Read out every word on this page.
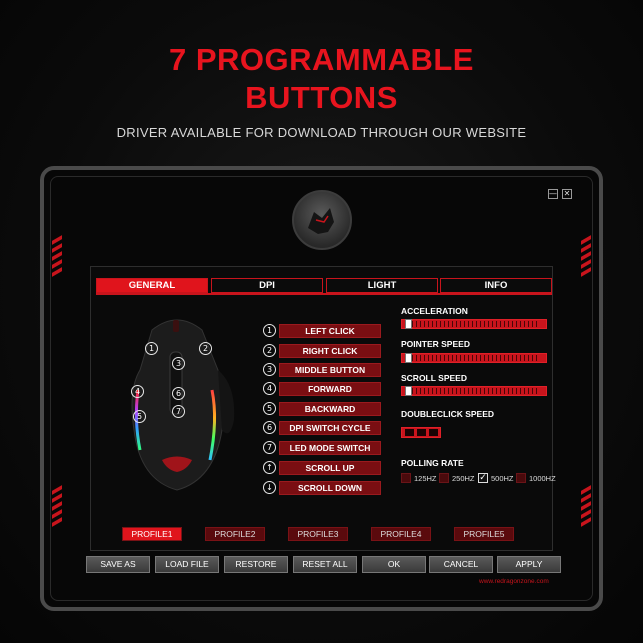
7 PROGRAMMABLE
BUTTONS
DRIVER AVAILABLE FOR DOWNLOAD THROUGH OUR WEBSITE
— ✕
GENERAL	DPI	LIGHT	INFO
1	2
3
4
5
6
7
1	LEFT CLICK
2	RIGHT CLICK
3	MIDDLE BUTTON
4	FORWARD
5	BACKWARD
6	DPI SWITCH CYCLE
7	LED MODE SWITCH
↑	SCROLL UP
↓	SCROLL DOWN
ACCELERATION
POINTER SPEED
SCROLL SPEED
DOUBLECLICK SPEED
POLLING RATE
125HZ 250HZ ✓ 500HZ 1000HZ
PROFILE1	PROFILE2	PROFILE3	PROFILE4	PROFILE5
SAVE AS	LOAD FILE	RESTORE	RESET ALL	OK	CANCEL	APPLY
www.redragonzone.com
